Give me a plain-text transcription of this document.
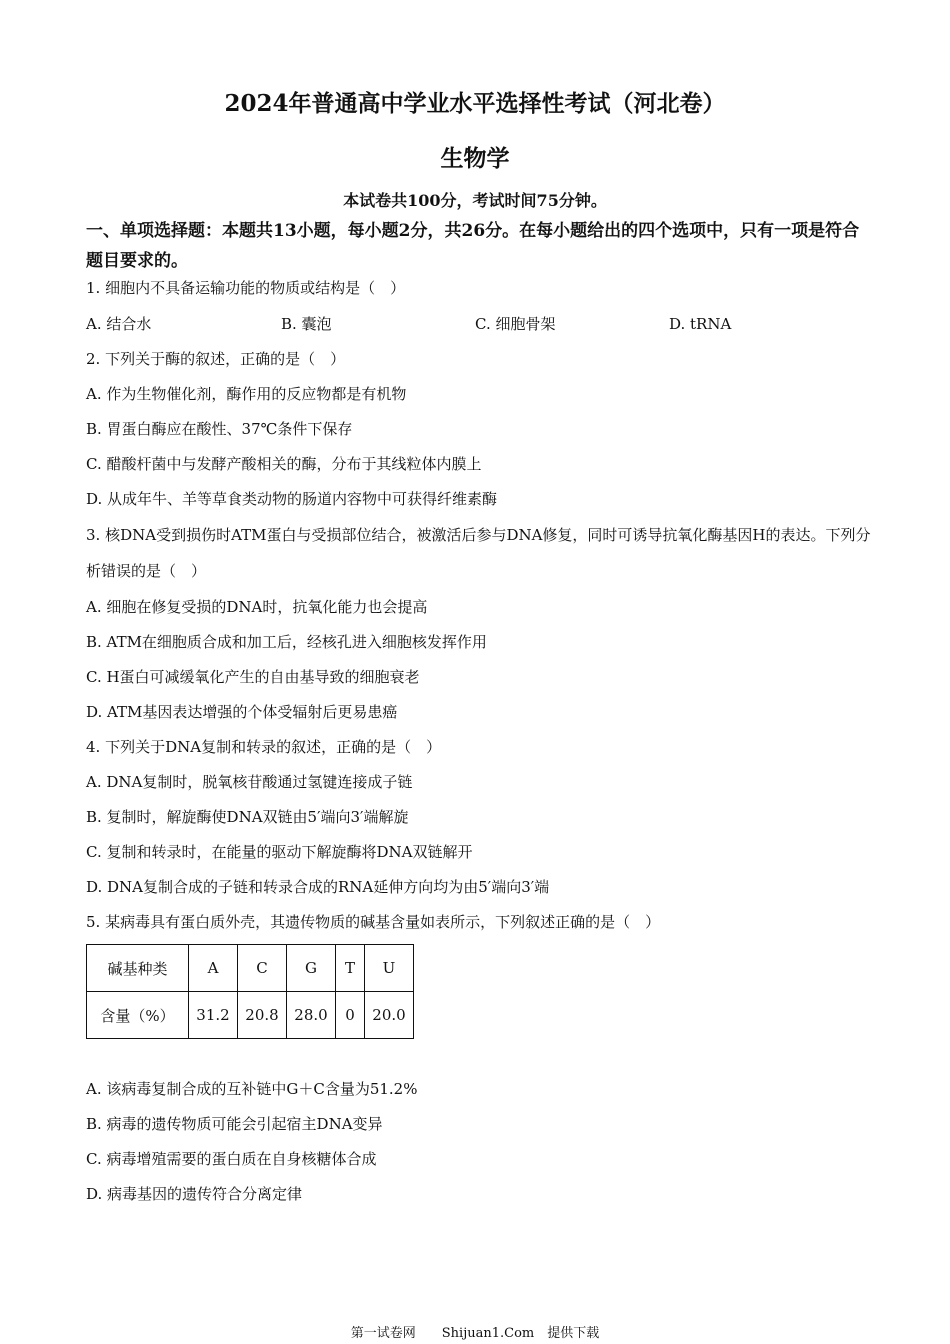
2024年普通高中学业水平选择性考试（河北卷）
生物学
本试卷共100分，考试时间75分钟。
一、单项选择题：本题共13小题，每小题2分，共26分。在每小题给出的四个选项中，只有一项是符合题目要求的。
1. 细胞内不具备运输功能的物质或结构是（　）
A. 结合水	B. 囊泡	C. 细胞骨架	D. tRNA
2. 下列关于酶的叙述，正确的是（　）
A. 作为生物催化剂，酶作用的反应物都是有机物
B. 胃蛋白酶应在酸性、37℃条件下保存
C. 醋酸杆菌中与发酵产酸相关的酶，分布于其线粒体内膜上
D. 从成年牛、羊等草食类动物的肠道内容物中可获得纤维素酶
3. 核DNA受到损伤时ATM蛋白与受损部位结合，被激活后参与DNA修复，同时可诱导抗氧化酶基因H的表达。下列分析错误的是（　）
A. 细胞在修复受损的DNA时，抗氧化能力也会提高
B. ATM在细胞质合成和加工后，经核孔进入细胞核发挥作用
C. H蛋白可减缓氧化产生的自由基导致的细胞衰老
D. ATM基因表达增强的个体受辐射后更易患癌
4. 下列关于DNA复制和转录的叙述，正确的是（　）
A. DNA复制时，脱氧核苷酸通过氢键连接成子链
B. 复制时，解旋酶使DNA双链由5′端向3′端解旋
C. 复制和转录时，在能量的驱动下解旋酶将DNA双链解开
D. DNA复制合成的子链和转录合成的RNA延伸方向均为由5′端向3′端
5. 某病毒具有蛋白质外壳，其遗传物质的碱基含量如表所示，下列叙述正确的是（　）
碱基种类	A	C	G	T	U
含量（%）	31.2	20.8	28.0	0	20.0
A. 该病毒复制合成的互补链中G＋C含量为51.2%
B. 病毒的遗传物质可能会引起宿主DNA变异
C. 病毒增殖需要的蛋白质在自身核糖体合成
D. 病毒基因的遗传符合分离定律
第一试卷网　　Shijuan1.Com　提供下载
